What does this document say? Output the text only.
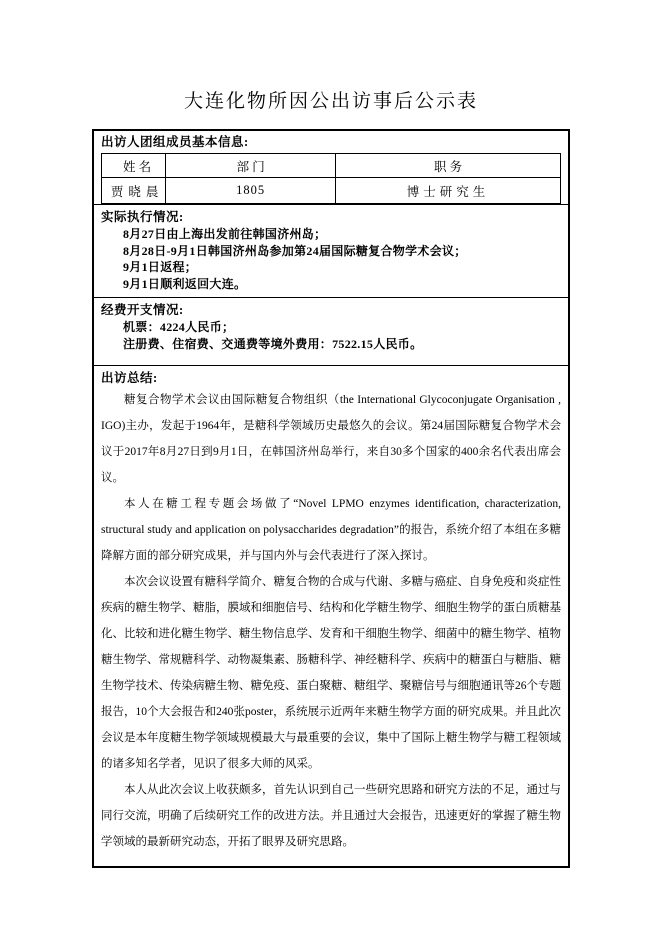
大连化物所因公出访事后公示表
出访人团组成员基本信息:
姓 名	部 门	职 务
贾晓晨	1805	博士研究生
实际执行情况:
8月27日由上海出发前往韩国济州岛；
8月28日-9月1日韩国济州岛参加第24届国际糖复合物学术会议；
9月1日返程；
9月1日顺利返回大连。
经费开支情况:
机票：4224人民币；
注册费、住宿费、交通费等境外费用：7522.15人民币。
出访总结:

糖复合物学术会议由国际糖复合物组织（the International Glycoconjugate Organisation , IGO)主办，发起于1964年，是糖科学领域历史最悠久的会议。第24届国际糖复合物学术会议于2017年8月27日到9月1日，在韩国济州岛举行，来自30多个国家的400余名代表出席会议。

本人在糖工程专题会场做了“Novel LPMO enzymes identification, characterization, structural study and application on polysaccharides degradation”的报告，系统介绍了本组在多糖降解方面的部分研究成果，并与国内外与会代表进行了深入探讨。

本次会议设置有糖科学简介、糖复合物的合成与代谢、多糖与癌症、自身免疫和炎症性疾病的糖生物学、糖脂，膜域和细胞信号、结构和化学糖生物学、细胞生物学的蛋白质糖基化、比较和进化糖生物学、糖生物信息学、发育和干细胞生物学、细菌中的糖生物学、植物糖生物学、常规糖科学、动物凝集素、肠糖科学、神经糖科学、疾病中的糖蛋白与糖脂、糖生物学技术、传染病糖生物、糖免疫、蛋白聚糖、糖组学、聚糖信号与细胞通讯等26个专题报告，10个大会报告和240张poster，系统展示近两年来糖生物学方面的研究成果。并且此次会议是本年度糖生物学领域规模最大与最重要的会议，集中了国际上糖生物学与糖工程领域的诸多知名学者，见识了很多大师的风采。

本人从此次会议上收获颇多，首先认识到自己一些研究思路和研究方法的不足，通过与同行交流，明确了后续研究工作的改进方法。并且通过大会报告，迅速更好的掌握了糖生物学领域的最新研究动态，开拓了眼界及研究思路。
